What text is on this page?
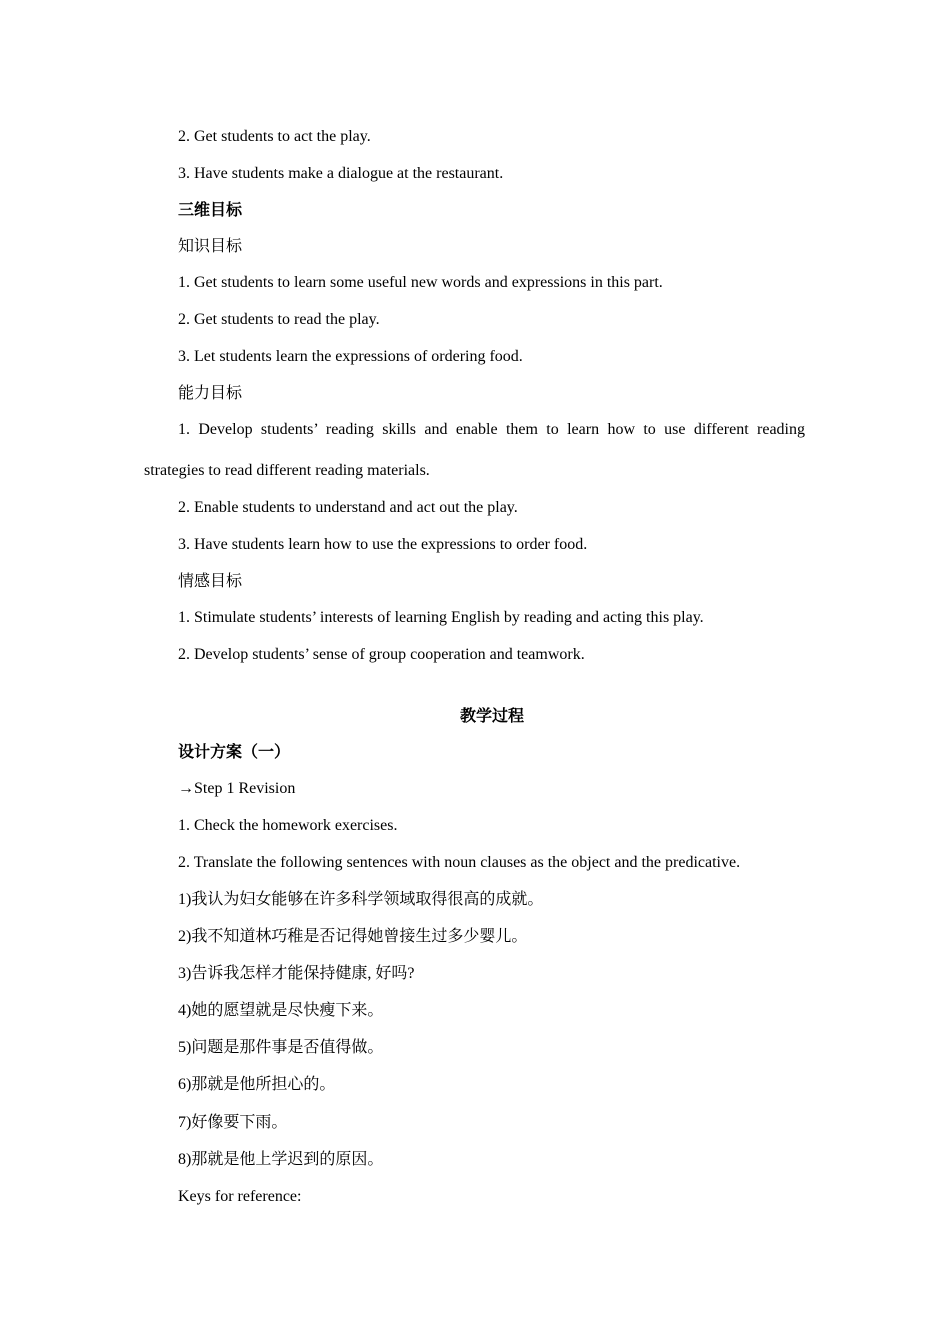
2. Get students to act the play.
3. Have students make a dialogue at the restaurant.
三维目标
知识目标
1. Get students to learn some useful new words and expressions in this part.
2. Get students to read the play.
3. Let students learn the expressions of ordering food.
能力目标
1. Develop students’ reading skills and enable them to learn how to use different reading
strategies to read different reading materials.
2. Enable students to understand and act out the play.
3. Have students learn how to use the expressions to order food.
情感目标
1. Stimulate students’ interests of learning English by reading and acting this play.
2. Develop students’ sense of group cooperation and teamwork.
教学过程
设计方案（一）
→Step 1 Revision
1. Check the homework exercises.
2. Translate the following sentences with noun clauses as the object and the predicative.
1)我认为妇女能够在许多科学领域取得很高的成就。
2)我不知道林巧稚是否记得她曾接生过多少婴儿。
3)告诉我怎样才能保持健康, 好吗?
4)她的愿望就是尽快瘦下来。
5)问题是那件事是否值得做。
6)那就是他所担心的。
7)好像要下雨。
8)那就是他上学迟到的原因。
Keys for reference:
